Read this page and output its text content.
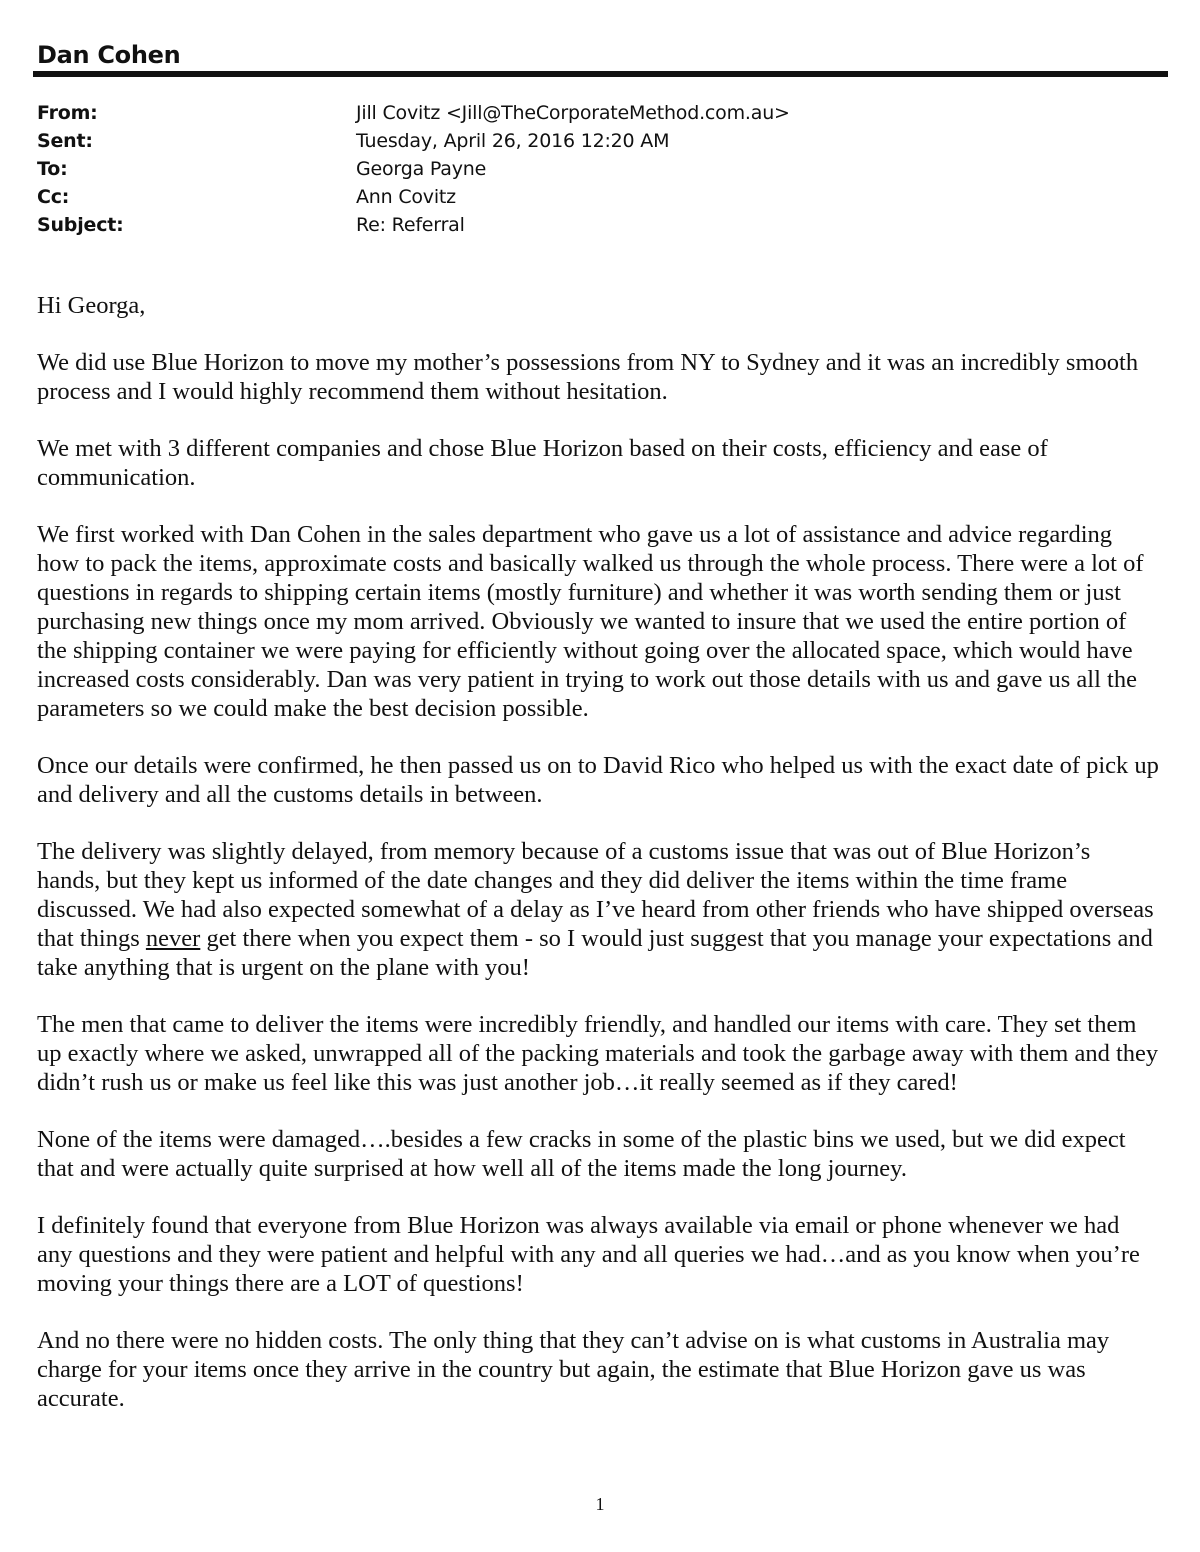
Dan Cohen
From:	Jill Covitz <Jill@TheCorporateMethod.com.au>
Sent:	Tuesday, April 26, 2016 12:20 AM
To:	Georga Payne
Cc:	Ann Covitz
Subject:	Re: Referral

Hi Georga,

We did use Blue Horizon to move my mother’s possessions from NY to Sydney and it was an incredibly smooth process and I would highly recommend them without hesitation.

We met with 3 different companies and chose Blue Horizon based on their costs, efficiency and ease of communication.

We first worked with Dan Cohen in the sales department who gave us a lot of assistance and advice regarding how to pack the items, approximate costs and basically walked us through the whole process. There were a lot of questions in regards to shipping certain items (mostly furniture) and whether it was worth sending them or just purchasing new things once my mom arrived. Obviously we wanted to insure that we used the entire portion of the shipping container we were paying for efficiently without going over the allocated space, which would have increased costs considerably. Dan was very patient in trying to work out those details with us and gave us all the parameters so we could make the best decision possible.

Once our details were confirmed, he then passed us on to David Rico who helped us with the exact date of pick up and delivery and all the customs details in between.

The delivery was slightly delayed, from memory because of a customs issue that was out of Blue Horizon’s hands, but they kept us informed of the date changes and they did deliver the items within the time frame discussed. We had also expected somewhat of a delay as I’ve heard from other friends who have shipped overseas that things never get there when you expect them - so I would just suggest that you manage your expectations and take anything that is urgent on the plane with you!

The men that came to deliver the items were incredibly friendly, and handled our items with care. They set them up exactly where we asked, unwrapped all of the packing materials and took the garbage away with them and they didn’t rush us or make us feel like this was just another job…it really seemed as if they cared!

None of the items were damaged….besides a few cracks in some of the plastic bins we used, but we did expect that and were actually quite surprised at how well all of the items made the long journey.

I definitely found that everyone from Blue Horizon was always available via email or phone whenever we had any questions and they were patient and helpful with any and all queries we had…and as you know when you’re moving your things there are a LOT of questions!

And no there were no hidden costs. The only thing that they can’t advise on is what customs in Australia may charge for your items once they arrive in the country but again, the estimate that Blue Horizon gave us was accurate.

1
